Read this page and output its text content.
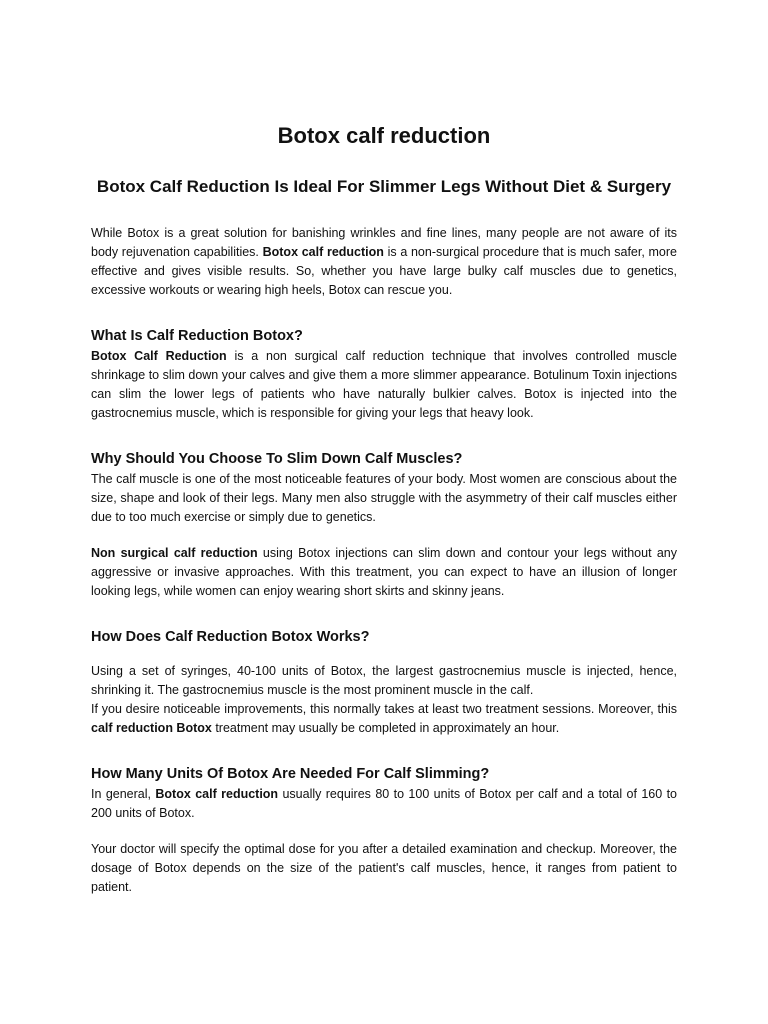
Botox calf reduction
Botox Calf Reduction Is Ideal For Slimmer Legs Without Diet & Surgery

While Botox is a great solution for banishing wrinkles and fine lines, many people are not aware of its body rejuvenation capabilities. Botox calf reduction is a non-surgical procedure that is much safer, more effective and gives visible results. So, whether you have large bulky calf muscles due to genetics, excessive workouts or wearing high heels, Botox can rescue you.

What Is Calf Reduction Botox?

Botox Calf Reduction is a non surgical calf reduction technique that involves controlled muscle shrinkage to slim down your calves and give them a more slimmer appearance. Botulinum Toxin injections can slim the lower legs of patients who have naturally bulkier calves. Botox is injected into the gastrocnemius muscle, which is responsible for giving your legs that heavy look.

Why Should You Choose To Slim Down Calf Muscles?

The calf muscle is one of the most noticeable features of your body. Most women are conscious about the size, shape and look of their legs. Many men also struggle with the asymmetry of their calf muscles either due to too much exercise or simply due to genetics.

Non surgical calf reduction using Botox injections can slim down and contour your legs without any aggressive or invasive approaches. With this treatment, you can expect to have an illusion of longer looking legs, while women can enjoy wearing short skirts and skinny jeans.

How Does Calf Reduction Botox Works?

Using a set of syringes, 40-100 units of Botox, the largest gastrocnemius muscle is injected, hence, shrinking it. The gastrocnemius muscle is the most prominent muscle in the calf.

If you desire noticeable improvements, this normally takes at least two treatment sessions. Moreover, this calf reduction Botox treatment may usually be completed in approximately an hour.

How Many Units Of Botox Are Needed For Calf Slimming?

In general, Botox calf reduction usually requires 80 to 100 units of Botox per calf and a total of 160 to 200 units of Botox.

Your doctor will specify the optimal dose for you after a detailed examination and checkup. Moreover, the dosage of Botox depends on the size of the patient's calf muscles, hence, it ranges from patient to patient.
